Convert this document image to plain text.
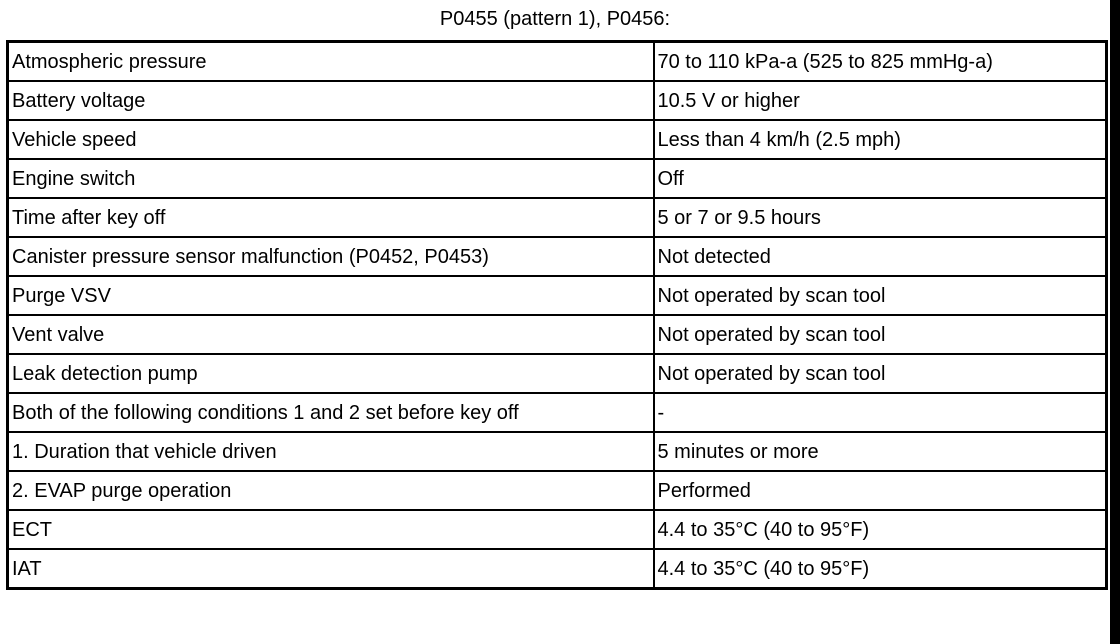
P0455 (pattern 1), P0456:
Atmospheric pressure	70 to 110 kPa-a (525 to 825 mmHg-a)
Battery voltage	10.5 V or higher
Vehicle speed	Less than 4 km/h (2.5 mph)
Engine switch	Off
Time after key off	5 or 7 or 9.5 hours
Canister pressure sensor malfunction (P0452, P0453)	Not detected
Purge VSV	Not operated by scan tool
Vent valve	Not operated by scan tool
Leak detection pump	Not operated by scan tool
Both of the following conditions 1 and 2 set before key off	-
1. Duration that vehicle driven	5 minutes or more
2. EVAP purge operation	Performed
ECT	4.4 to 35°C (40 to 95°F)
IAT	4.4 to 35°C (40 to 95°F)
